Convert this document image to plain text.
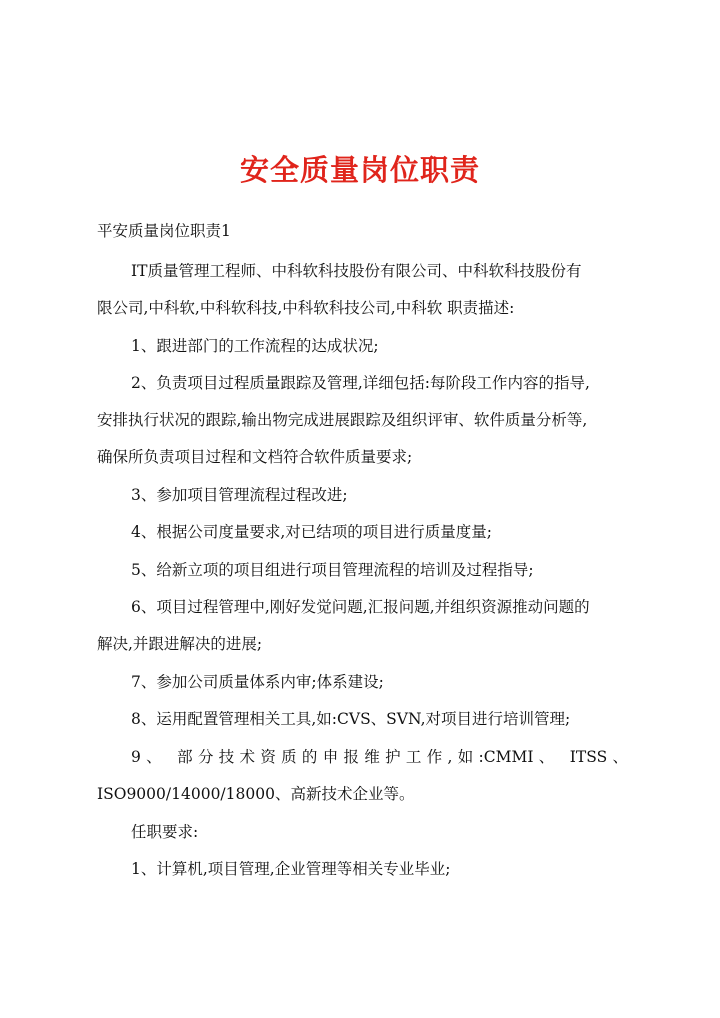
安全质量岗位职责
平安质量岗位职责1
IT质量管理工程师、中科软科技股份有限公司、中科软科技股份有
限公司,中科软,中科软科技,中科软科技公司,中科软 职责描述:
1、跟进部门的工作流程的达成状况;
2、负责项目过程质量跟踪及管理,详细包括:每阶段工作内容的指导,
安排执行状况的跟踪,输出物完成进展跟踪及组织评审、软件质量分析等,
确保所负责项目过程和文档符合软件质量要求;
3、参加项目管理流程过程改进;
4、根据公司度量要求,对已结项的项目进行质量度量;
5、给新立项的项目组进行项目管理流程的培训及过程指导;
6、项目过程管理中,刚好发觉问题,汇报问题,并组织资源推动问题的
解决,并跟进解决的进展;
7、参加公司质量体系内审;体系建设;
8、运用配置管理相关工具,如:CVS、SVN,对项目进行培训管理;
9、 部分技术资质的申报维护工作,如:CMMI、 ITSS、
ISO9000/14000/18000、高新技术企业等。
任职要求:
1、计算机,项目管理,企业管理等相关专业毕业;
